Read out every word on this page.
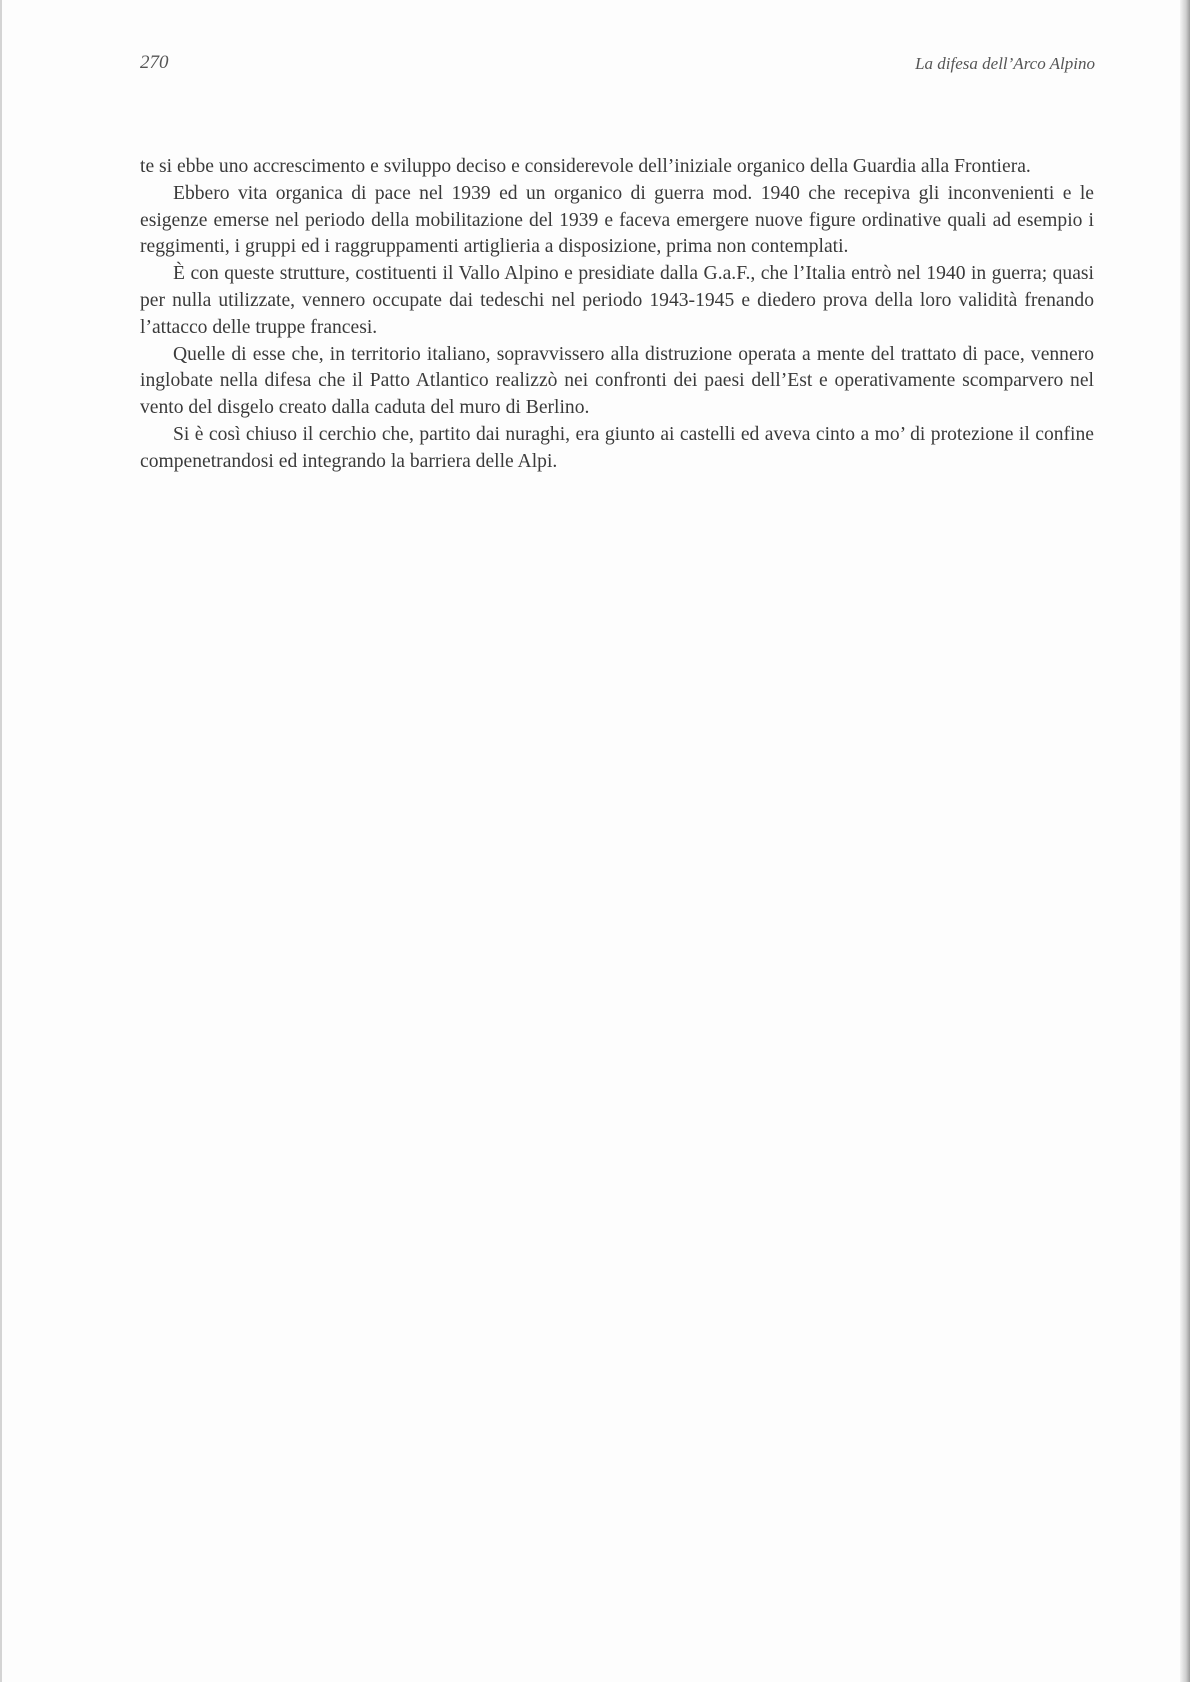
270	La difesa dell’Arco Alpino

te si ebbe uno accrescimento e sviluppo deciso e considerevole dell’iniziale organico della Guardia alla Frontiera.

Ebbero vita organica di pace nel 1939 ed un organico di guerra mod. 1940 che recepiva gli inconvenienti e le esigenze emerse nel periodo della mobilitazione del 1939 e faceva emergere nuove figure ordinative quali ad esempio i reggimenti, i gruppi ed i raggruppamenti artiglieria a disposizione, prima non contemplati.

È con queste strutture, costituenti il Vallo Alpino e presidiate dalla G.a.F., che l’Italia entrò nel 1940 in guerra; quasi per nulla utilizzate, vennero occupate dai tedeschi nel periodo 1943-1945 e diedero prova della loro validità frenando l’attacco delle truppe francesi.

Quelle di esse che, in territorio italiano, sopravvissero alla distruzione operata a mente del trattato di pace, vennero inglobate nella difesa che il Patto Atlantico realizzò nei confronti dei paesi dell’Est e operativamente scomparvero nel vento del disgelo creato dalla caduta del muro di Berlino.

Si è così chiuso il cerchio che, partito dai nuraghi, era giunto ai castelli ed aveva cinto a mo’ di protezione il confine compenetrandosi ed integrando la barriera delle Alpi.
